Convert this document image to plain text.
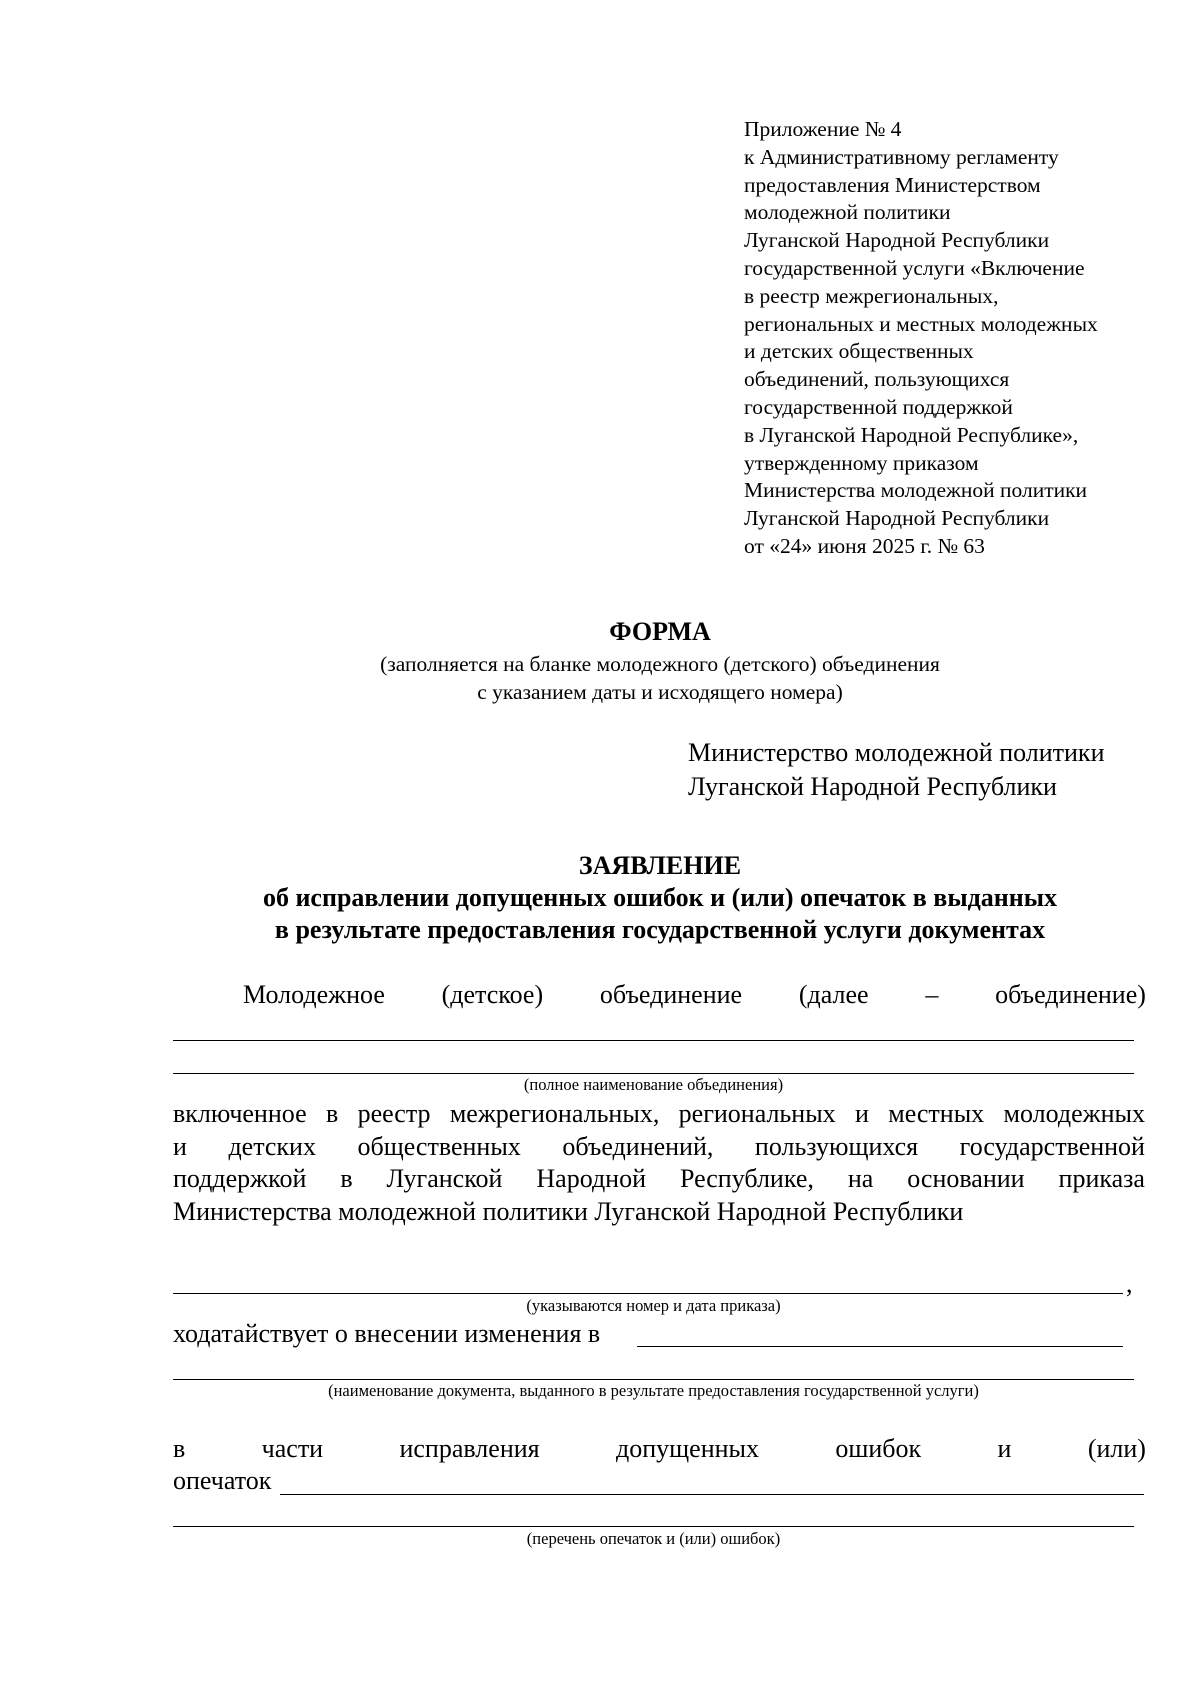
Приложение № 4
к Административному регламенту
предоставления Министерством
молодежной политики
Луганской Народной Республики
государственной услуги «Включение
в реестр межрегиональных,
региональных и местных молодежных
и детских общественных
объединений, пользующихся
государственной поддержкой
в Луганской Народной Республике»,
утвержденному приказом
Министерства молодежной политики
Луганской Народной Республики
от «24» июня 2025 г. № 63
ФОРМА
(заполняется на бланке молодежного (детского) объединения
с указанием даты и исходящего номера)
Министерство молодежной политики
Луганской Народной Республики
ЗАЯВЛЕНИЕ
об исправлении допущенных ошибок и (или) опечаток в выданных
в результате предоставления государственной услуги документах
Молодежное (детское) объединение (далее – объединение)
(полное наименование объединения)
включенное в реестр межрегиональных, региональных и местных молодежных
и детских общественных объединений, пользующихся государственной
поддержкой в Луганской Народной Республике, на основании приказа
Министерства молодежной политики Луганской Народной Республики
,
(указываются номер и дата приказа)
ходатайствует о внесении изменения в
(наименование документа, выданного в результате предоставления государственной услуги)
в	части	исправления	допущенных	ошибок	и	(или)
опечаток
(перечень опечаток и (или) ошибок)
